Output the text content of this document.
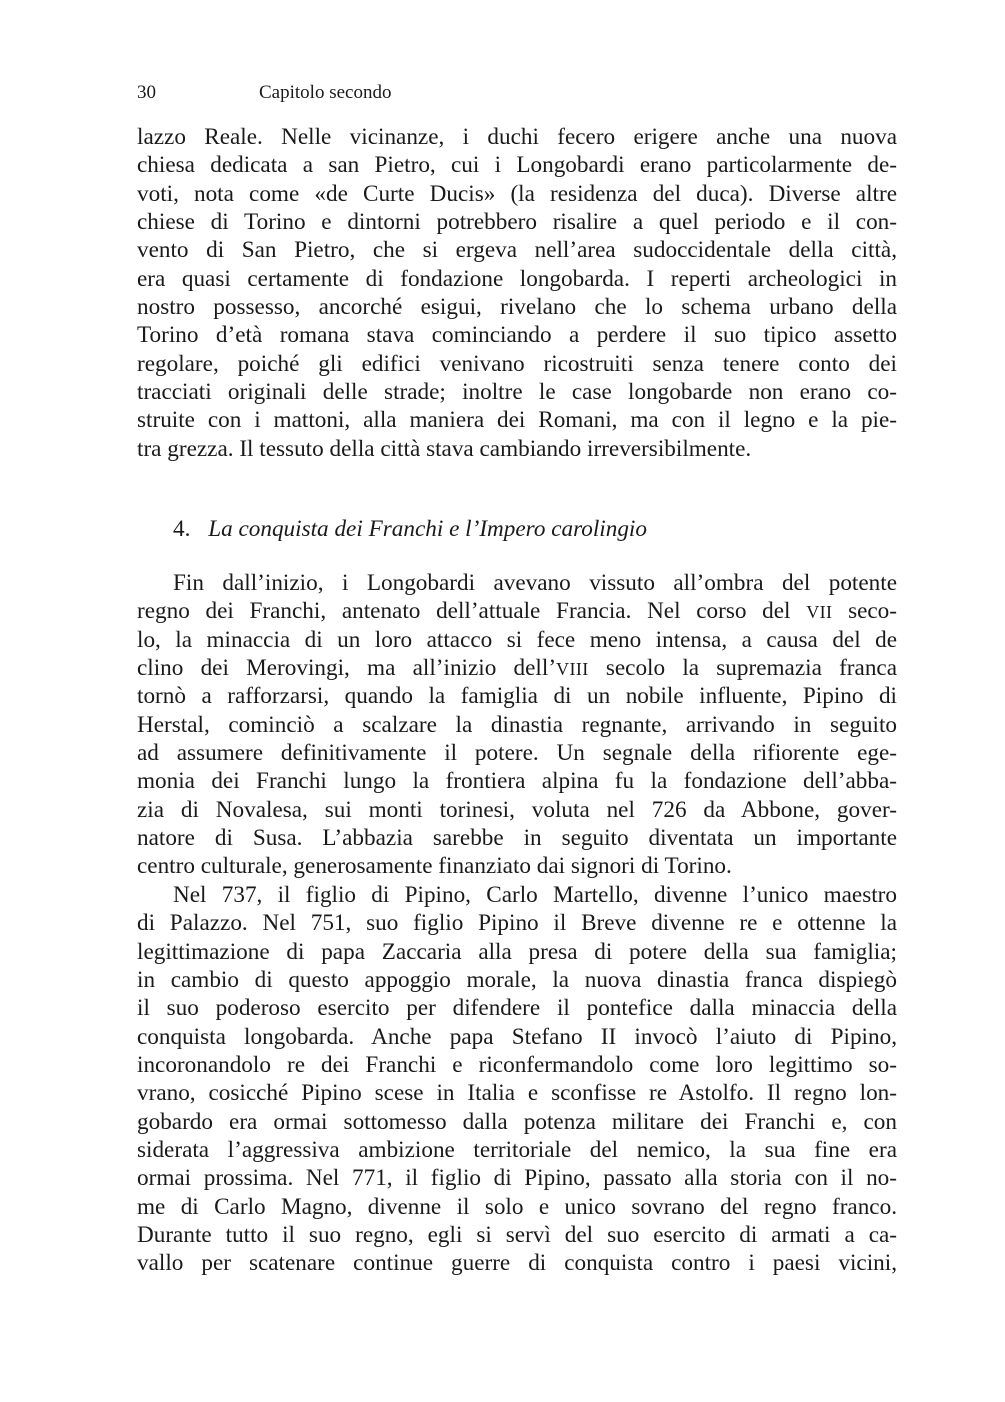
30	Capitolo secondo
lazzo Reale. Nelle vicinanze, i duchi fecero erigere anche una nuova
chiesa dedicata a san Pietro, cui i Longobardi erano particolarmente de-
voti, nota come «de Curte Ducis» (la residenza del duca). Diverse altre
chiese di Torino e dintorni potrebbero risalire a quel periodo e il con-
vento di San Pietro, che si ergeva nell’area sudoccidentale della città,
era quasi certamente di fondazione longobarda. I reperti archeologici in
nostro possesso, ancorché esigui, rivelano che lo schema urbano della
Torino d’età romana stava cominciando a perdere il suo tipico assetto
regolare, poiché gli edifici venivano ricostruiti senza tenere conto dei
tracciati originali delle strade; inoltre le case longobarde non erano co-
struite con i mattoni, alla maniera dei Romani, ma con il legno e la pie-
tra grezza. Il tessuto della città stava cambiando irreversibilmente.
4. La conquista dei Franchi e l’Impero carolingio
Fin dall’inizio, i Longobardi avevano vissuto all’ombra del potente
regno dei Franchi, antenato dell’attuale Francia. Nel corso del VII seco-
lo, la minaccia di un loro attacco si fece meno intensa, a causa del de
clino dei Merovingi, ma all’inizio dell’VIII secolo la supremazia franca
tornò a rafforzarsi, quando la famiglia di un nobile influente, Pipino di
Herstal, cominciò a scalzare la dinastia regnante, arrivando in seguito
ad assumere definitivamente il potere. Un segnale della rifiorente ege-
monia dei Franchi lungo la frontiera alpina fu la fondazione dell’abba-
zia di Novalesa, sui monti torinesi, voluta nel 726 da Abbone, gover-
natore di Susa. L’abbazia sarebbe in seguito diventata un importante
centro culturale, generosamente finanziato dai signori di Torino.
Nel 737, il figlio di Pipino, Carlo Martello, divenne l’unico maestro
di Palazzo. Nel 751, suo figlio Pipino il Breve divenne re e ottenne la
legittimazione di papa Zaccaria alla presa di potere della sua famiglia;
in cambio di questo appoggio morale, la nuova dinastia franca dispiegò
il suo poderoso esercito per difendere il pontefice dalla minaccia della
conquista longobarda. Anche papa Stefano II invocò l’aiuto di Pipino,
incoronandolo re dei Franchi e riconfermandolo come loro legittimo so-
vrano, cosicché Pipino scese in Italia e sconfisse re Astolfo. Il regno lon-
gobardo era ormai sottomesso dalla potenza militare dei Franchi e, con
siderata l’aggressiva ambizione territoriale del nemico, la sua fine era
ormai prossima. Nel 771, il figlio di Pipino, passato alla storia con il no-
me di Carlo Magno, divenne il solo e unico sovrano del regno franco.
Durante tutto il suo regno, egli si servì del suo esercito di armati a ca-
vallo per scatenare continue guerre di conquista contro i paesi vicini,
